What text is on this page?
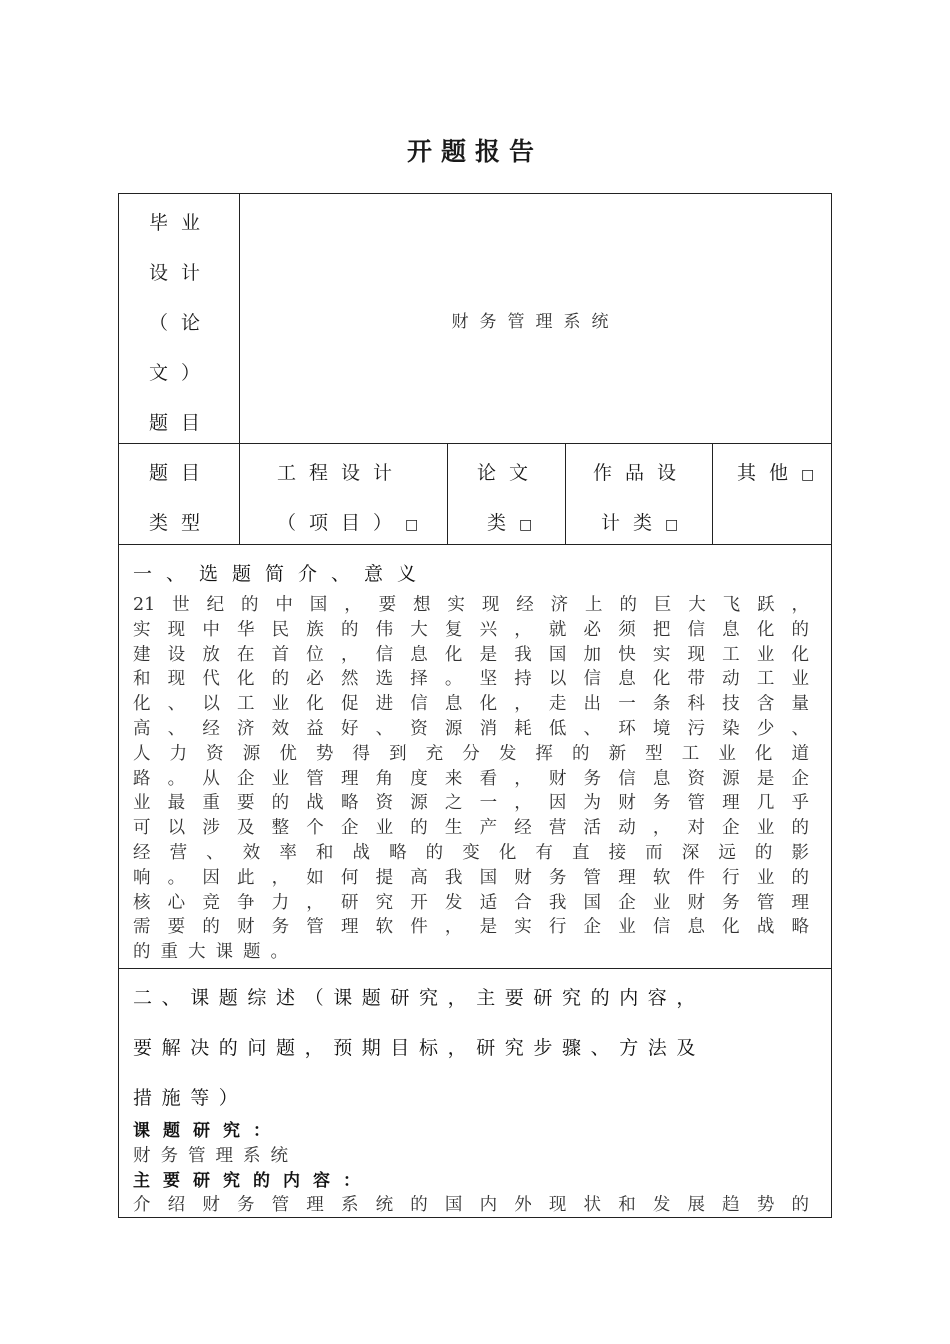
开题报告
毕业
设计
（论
文）
题目
财务管理系统
题目
类型
工程设计
（项目）□
论文
类□
作品设
计类□
其他□
一、选题简介、意义
21世纪的中国，要想实现经济上的巨大飞跃，
实现中华民族的伟大复兴，就必须把信息化的
建设放在首位，信息化是我国加快实现工业化
和现代化的必然选择。坚持以信息化带动工业
化、以工业化促进信息化，走出一条科技含量
高、经济效益好、资源消耗低、环境污染少、
人力资源优势得到充分发挥的新型工业化道
路。从企业管理角度来看，财务信息资源是企
业最重要的战略资源之一，因为财务管理几乎
可以涉及整个企业的生产经营活动，对企业的
经营、效率和战略的变化有直接而深远的影
响。因此，如何提高我国财务管理软件行业的
核心竞争力，研究开发适合我国企业财务管理
需要的财务管理软件，是实行企业信息化战略
的重大课题。
二、课题综述（课题研究，主要研究的内容，
要解决的问题，预期目标，研究步骤、方法及
措施等）
课题研究：
财务管理系统
主要研究的内容：
介绍财务管理系统的国内外现状和发展趋势的
